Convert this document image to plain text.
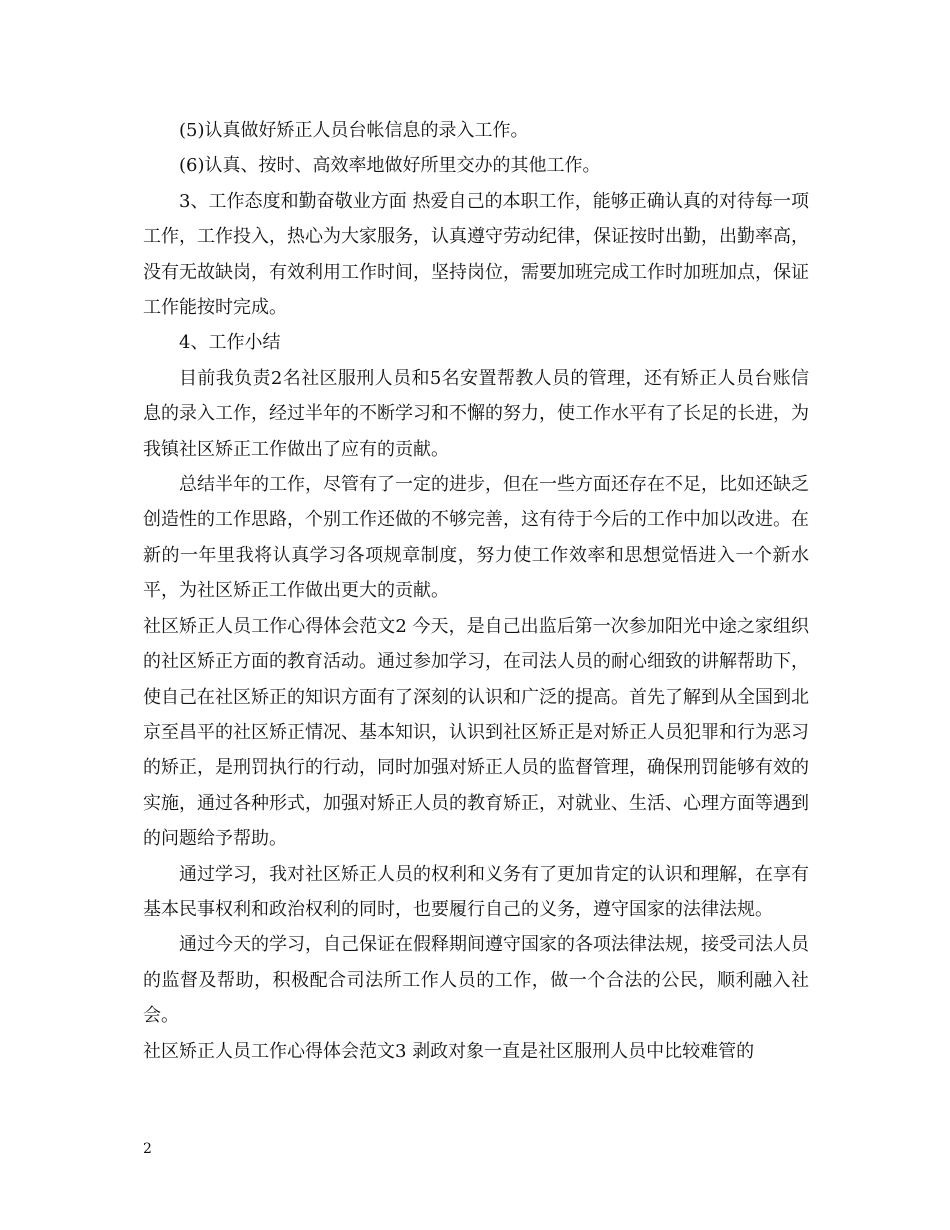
(5)认真做好矫正人员台帐信息的录入工作。

(6)认真、按时、高效率地做好所里交办的其他工作。

3、工作态度和勤奋敬业方面 热爱自己的本职工作，能够正确认真的对待每一项工作，工作投入，热心为大家服务，认真遵守劳动纪律，保证按时出勤，出勤率高，没有无故缺岗，有效利用工作时间，坚持岗位，需要加班完成工作时加班加点，保证工作能按时完成。

4、工作小结

目前我负责2名社区服刑人员和5名安置帮教人员的管理，还有矫正人员台账信息的录入工作，经过半年的不断学习和不懈的努力，使工作水平有了长足的长进，为我镇社区矫正工作做出了应有的贡献。

总结半年的工作，尽管有了一定的进步，但在一些方面还存在不足，比如还缺乏创造性的工作思路，个别工作还做的不够完善，这有待于今后的工作中加以改进。在新的一年里我将认真学习各项规章制度，努力使工作效率和思想觉悟进入一个新水平，为社区矫正工作做出更大的贡献。

社区矫正人员工作心得体会范文2 今天，是自己出监后第一次参加阳光中途之家组织的社区矫正方面的教育活动。通过参加学习，在司法人员的耐心细致的讲解帮助下，使自己在社区矫正的知识方面有了深刻的认识和广泛的提高。首先了解到从全国到北京至昌平的社区矫正情况、基本知识，认识到社区矫正是对矫正人员犯罪和行为恶习的矫正，是刑罚执行的行动，同时加强对矫正人员的监督管理，确保刑罚能够有效的实施，通过各种形式，加强对矫正人员的教育矫正，对就业、生活、心理方面等遇到的问题给予帮助。

通过学习，我对社区矫正人员的权利和义务有了更加肯定的认识和理解，在享有基本民事权利和政治权利的同时，也要履行自己的义务，遵守国家的法律法规。

通过今天的学习，自己保证在假释期间遵守国家的各项法律法规，接受司法人员的监督及帮助，积极配合司法所工作人员的工作，做一个合法的公民，顺利融入社会。

社区矫正人员工作心得体会范文3 剥政对象一直是社区服刑人员中比较难管的

2
